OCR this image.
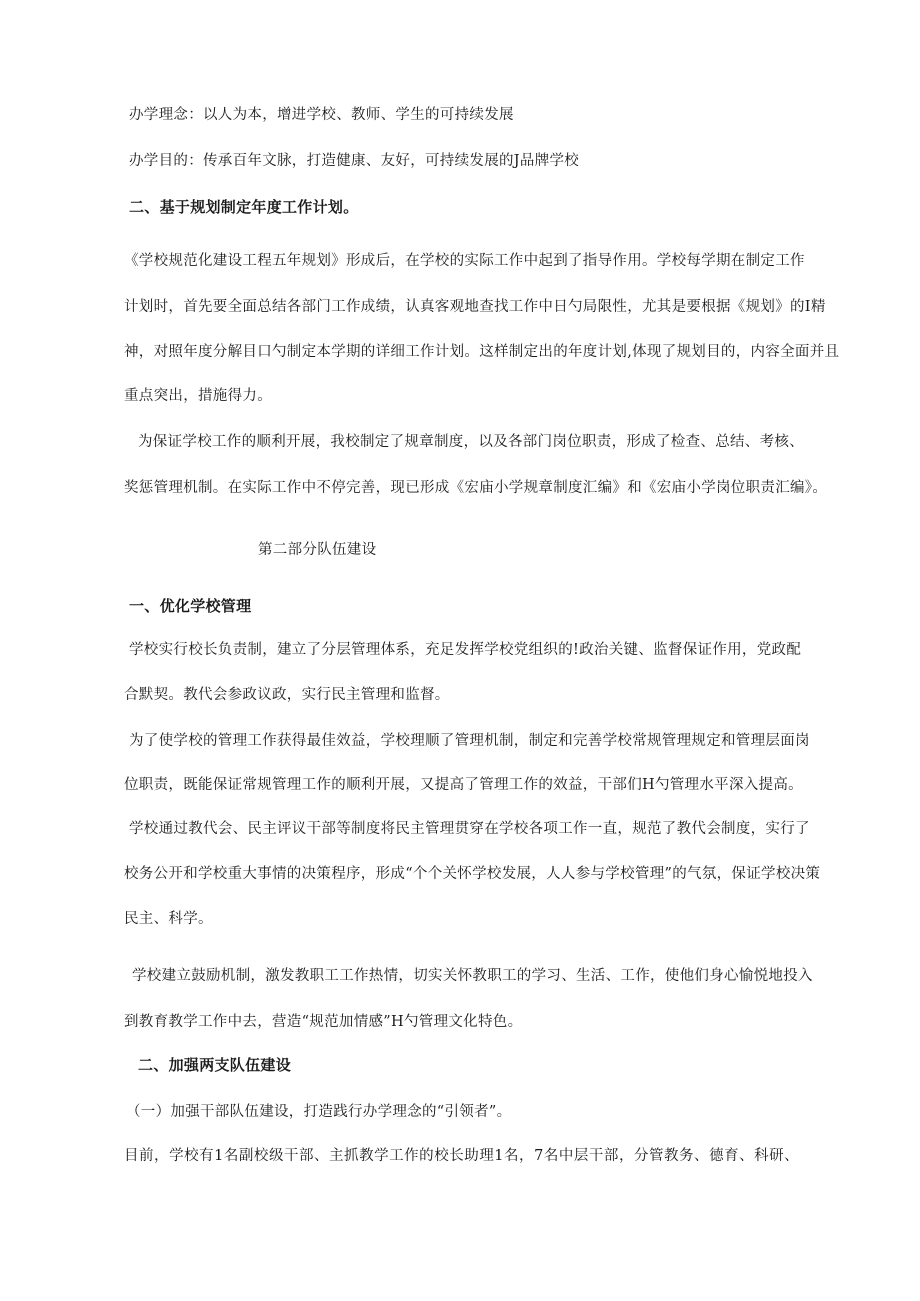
办学理念：以人为本，增进学校、教师、学生的可持续发展
办学目的：传承百年文脉，打造健康、友好，可持续发展的J品牌学校
二、基于规划制定年度工作计划。
《学校规范化建设工程五年规划》形成后，在学校的实际工作中起到了指导作用。学校每学期在制定工作
计划时，首先要全面总结各部门工作成绩，认真客观地查找工作中日勺局限性，尤其是要根据《规划》的I精
神，对照年度分解目口勺制定本学期的详细工作计划。这样制定出的年度计划,体现了规划目的，内容全面并且
重点突出，措施得力。
为保证学校工作的顺利开展，我校制定了规章制度，以及各部门岗位职责，形成了检查、总结、考核、
奖惩管理机制。在实际工作中不停完善，现已形成《宏庙小学规章制度汇编》和《宏庙小学岗位职责汇编》。
第二部分队伍建设
一、优化学校管理
学校实行校长负责制，建立了分层管理体系，充足发挥学校党组织的!政治关键、监督保证作用，党政配
合默契。教代会参政议政，实行民主管理和监督。
为了使学校的管理工作获得最佳效益，学校理顺了管理机制，制定和完善学校常规管理规定和管理层面岗
位职责，既能保证常规管理工作的顺利开展，又提高了管理工作的效益，干部们H勺管理水平深入提高。
学校通过教代会、民主评议干部等制度将民主管理贯穿在学校各项工作一直，规范了教代会制度，实行了
校务公开和学校重大事情的决策程序，形成“个个关怀学校发展，人人参与学校管理”的气氛，保证学校决策
民主、科学。
学校建立鼓励机制，激发教职工工作热情，切实关怀教职工的学习、生活、工作，使他们身心愉悦地投入
到教育教学工作中去，营造“规范加情感”H勺管理文化特色。
二、加强两支队伍建设
（一）加强干部队伍建设，打造践行办学理念的“引领者”。
目前，学校有1名副校级干部、主抓教学工作的校长助理1名，7名中层干部，分管教务、德育、科研、
